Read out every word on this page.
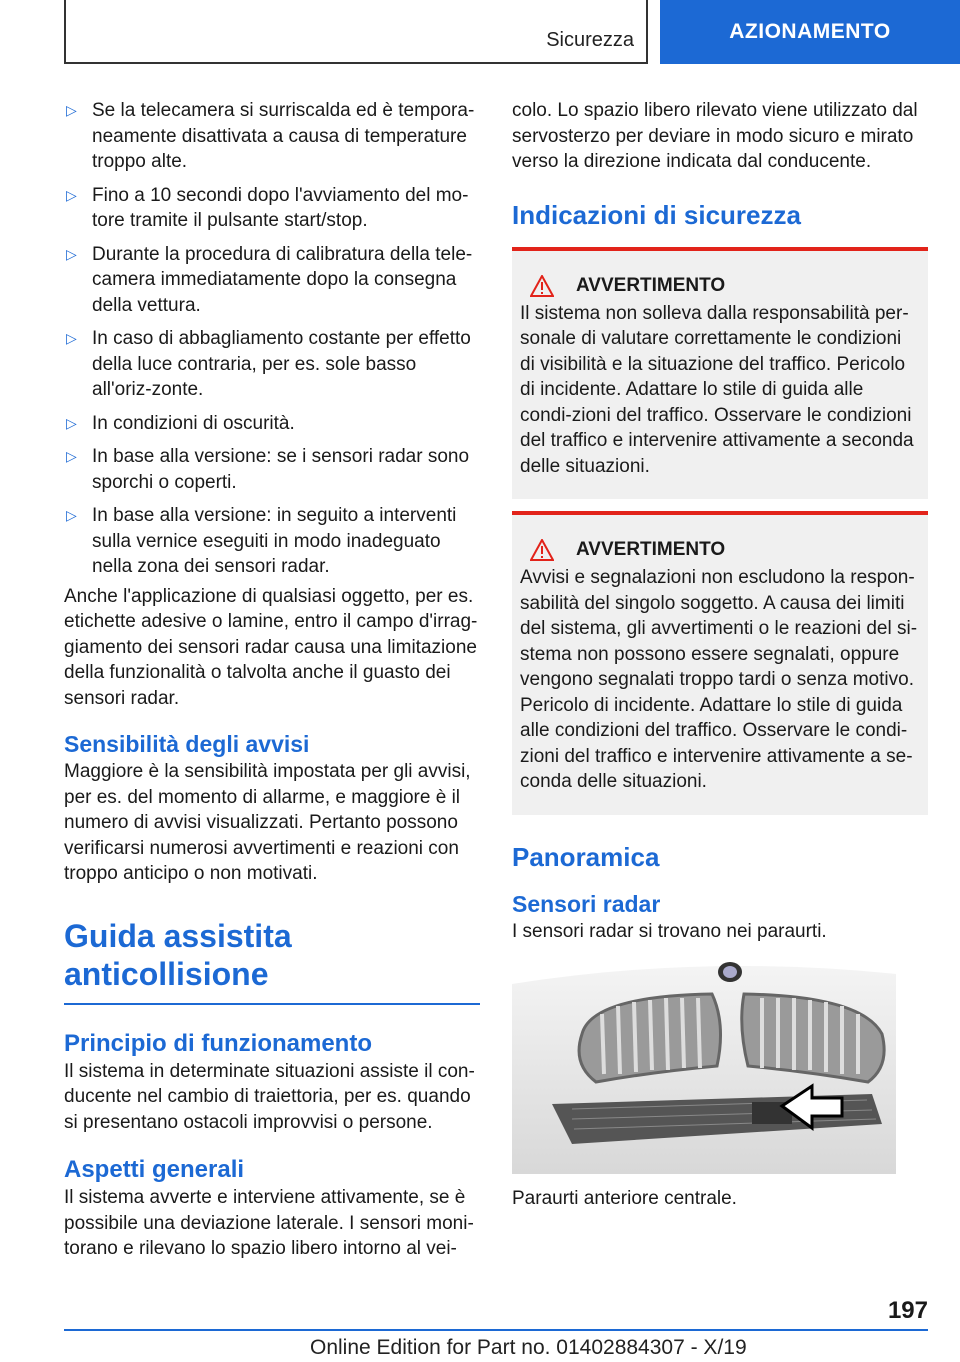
Sicurezza	AZIONAMENTO
▷ Se la telecamera si surriscalda ed è tempora-neamente disattivata a causa di temperature troppo alte.
▷ Fino a 10 secondi dopo l'avviamento del mo-tore tramite il pulsante start/stop.
▷ Durante la procedura di calibratura della tele-camera immediatamente dopo la consegna della vettura.
▷ In caso di abbagliamento costante per effetto della luce contraria, per es. sole basso all'oriz-zonte.
▷ In condizioni di oscurità.
▷ In base alla versione: se i sensori radar sono sporchi o coperti.
▷ In base alla versione: in seguito a interventi sulla vernice eseguiti in modo inadeguato nella zona dei sensori radar.

Anche l'applicazione di qualsiasi oggetto, per es. etichette adesive o lamine, entro il campo d'irrag-giamento dei sensori radar causa una limitazione della funzionalità o talvolta anche il guasto dei sensori radar.

Sensibilità degli avvisi

Maggiore è la sensibilità impostata per gli avvisi, per es. del momento di allarme, e maggiore è il numero di avvisi visualizzati. Pertanto possono verificarsi numerosi avvertimenti e reazioni con troppo anticipo o non motivati.

Guida assistita
anticollisione
Principio di funzionamento

Il sistema in determinate situazioni assiste il con-ducente nel cambio di traiettoria, per es. quando si presentano ostacoli improvvisi o persone.

Aspetti generali

Il sistema avverte e interviene attivamente, se è possibile una deviazione laterale. I sensori moni-torano e rilevano lo spazio libero intorno al vei-

colo. Lo spazio libero rilevato viene utilizzato dal servosterzo per deviare in modo sicuro e mirato verso la direzione indicata dal conducente.

Indicazioni di sicurezza
AVVERTIMENTO

Il sistema non solleva dalla responsabilità per-sonale di valutare correttamente le condizioni di visibilità e la situazione del traffico. Pericolo di incidente. Adattare lo stile di guida alle condi-zioni del traffico. Osservare le condizioni del traffico e intervenire attivamente a seconda delle situazioni.

AVVERTIMENTO

Avvisi e segnalazioni non escludono la respon-sabilità del singolo soggetto. A causa dei limiti del sistema, gli avvertimenti o le reazioni del si-stema non possono essere segnalati, oppure vengono segnalati troppo tardi o senza motivo. Pericolo di incidente. Adattare lo stile di guida alle condizioni del traffico. Osservare le condi-zioni del traffico e intervenire attivamente a se-conda delle situazioni.

Panoramica
Sensori radar

I sensori radar si trovano nei paraurti.

Paraurti anteriore centrale.

197
Online Edition for Part no. 01402884307 - X/19
